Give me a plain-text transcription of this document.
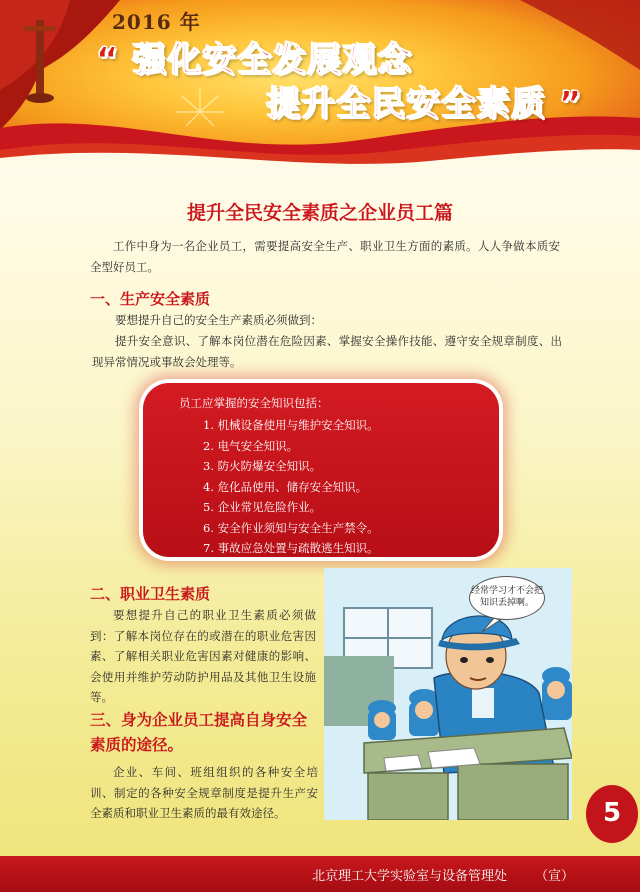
2016 年
“ 强化安全发展观念
提升全民安全素质 ”
提升全民安全素质之企业员工篇
工作中身为一名企业员工，需要提高安全生产、职业卫生方面的素质。人人争做本质安全型好员工。
一、生产安全素质
要想提升自己的安全生产素质必须做到：
提升安全意识、了解本岗位潜在危险因素、掌握安全操作技能、遵守安全规章制度、出现异常情况或事故会处理等。
员工应掌握的安全知识包括：
1. 机械设备使用与维护安全知识。
2. 电气安全知识。
3. 防火防爆安全知识。
4. 危化品使用、储存安全知识。
5. 企业常见危险作业。
6. 安全作业须知与安全生产禁令。
7. 事故应急处置与疏散逃生知识。
二、职业卫生素质
要想提升自己的职业卫生素质必须做到：了解本岗位存在的或潜在的职业危害因素、了解相关职业危害因素对健康的影响、会使用并维护劳动防护用品及其他卫生设施等。
三、身为企业员工提高自身安全素质的途径。
企业、车间、班组组织的各种安全培训、制定的各种安全规章制度是提升生产安全素质和职业卫生素质的最有效途径。
经常学习才不会把知识丢掉啊。
5
北京理工大学实验室与设备管理处 （宣）
